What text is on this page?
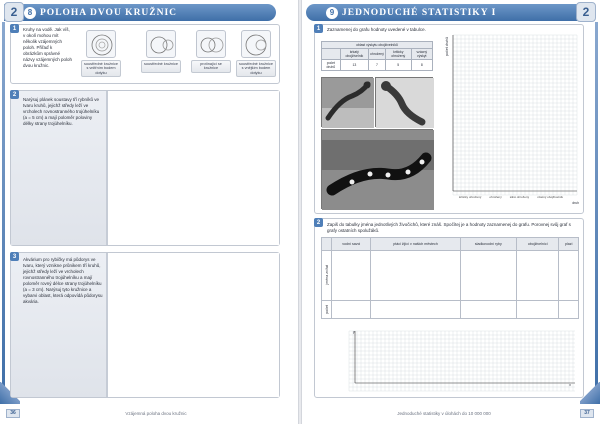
8 POLOHA DVOU KRUŽNIC
2
1	Kruhy na vodě. Jak víš, v okolí mohou mít několik vzájemných poloh. Přiřaď k obrázkům správné názvy vzájemných poloh dvou kružnic.	soustředné kružnice s vnitřním bodem dotyku
soustředné kružnice	protínající se kružnice
soustředné kružnice s vnějším bodem dotyku
2
Narýsuj plánek soustavy tří rybníků ve tvaru kruhů, jejichž středy leží ve vrcholech rovnostranného trojúhelníku (a = 5 cm) a mají poloměr poloviny délky strany trojúhelníku.
3	Akvárium pro rybičky má půdorys ve tvaru, který vznikne průnikem tří kruhů, jejichž středy leží ve vrcholech rovnostranného trojúhelníku a mají poloměr rovný délce strany trojúhelníku (a = 3 cm). Narýsuj tyto kružnice a vybarvi oblast, která odpovídá půdorysu akvária.
36	Vzájemná poloha dvou kružnic
9 JEDNODUCHÉ STATISTIKY I	2
1	Zaznamenej do grafu hodnoty uvedené v tabulce.
oblast výskytu obojživelníků				
	krkatý obojživelník	ohrožený	kriticky ohrožený	vzácný výskyt
počet druhů	13	7	5	8
počet druhů
kriticky ohrožený	ohrožený	silně ohrožený	vzácný obojživelník
druh
2	Zapiš do tabulky jména jednotlivých živočichů, které znáš. Spočítej je a hodnoty zaznamenej do grafu. Porovnej svůj graf s grafy ostatních spolužáků.
	vodní savci	ptáci žijící v našich městech	sladkovodní ryby	obojživelníci	plazi
jména zvířat					
počet					
y
x
Jednoduché statistiky v úlohách do 10 000 000	37
